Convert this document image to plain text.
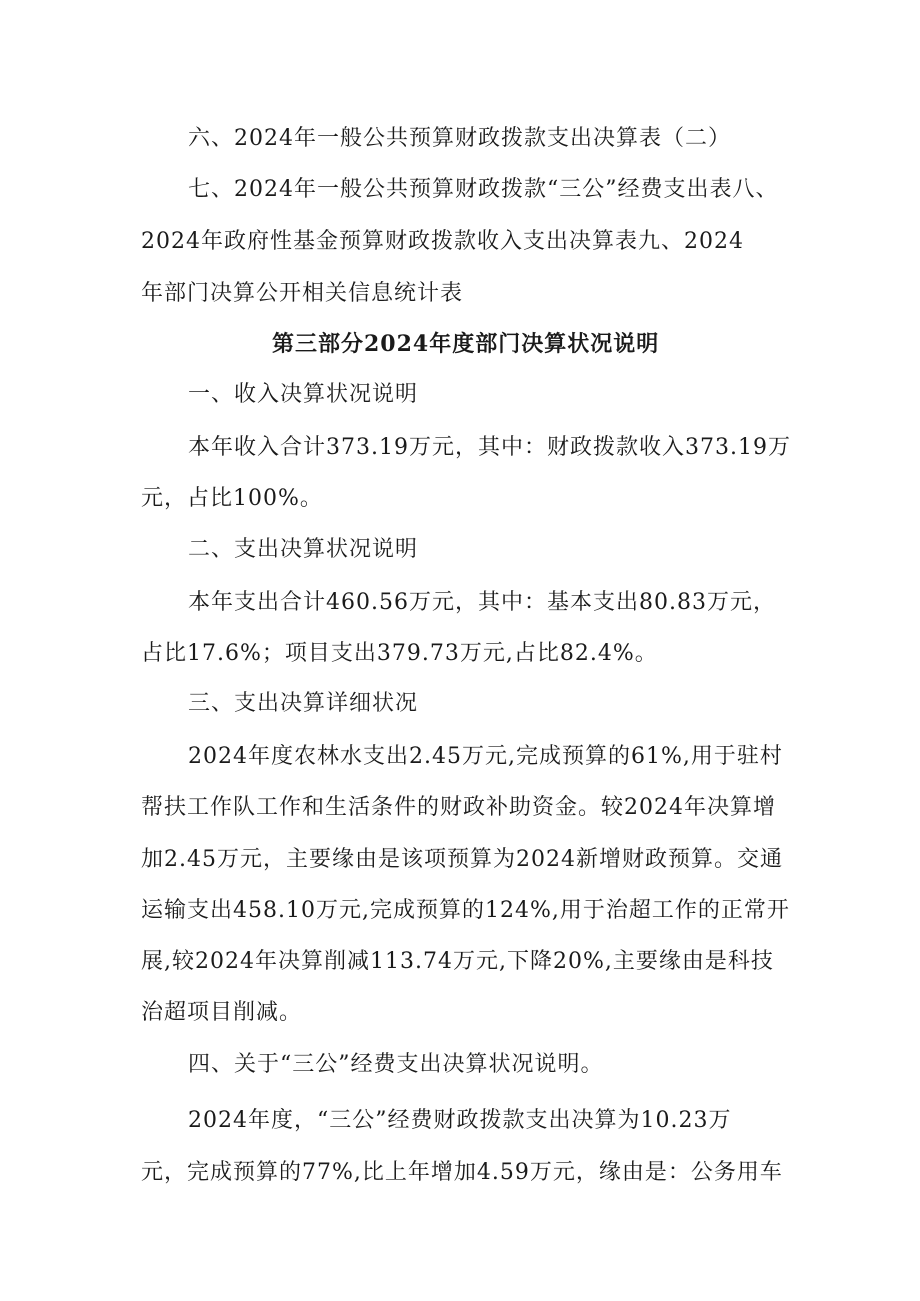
六、2024年一般公共预算财政拨款支出决算表（二）
七、2024年一般公共预算财政拨款“三公”经费支出表八、
2024年政府性基金预算财政拨款收入支出决算表九、2024
年部门决算公开相关信息统计表
第三部分2024年度部门决算状况说明
一、收入决算状况说明
本年收入合计373.19万元，其中：财政拨款收入373.19万
元，占比100%。
二、支出决算状况说明
本年支出合计460.56万元，其中：基本支出80.83万元，
占比17.6%；项目支出379.73万元,占比82.4%。
三、支出决算详细状况
2024年度农林水支出2.45万元,完成预算的61%,用于驻村
帮扶工作队工作和生活条件的财政补助资金。较2024年决算增
加2.45万元，主要缘由是该项预算为2024新增财政预算。交通
运输支出458.10万元,完成预算的124%,用于治超工作的正常开
展,较2024年决算削减113.74万元,下降20%,主要缘由是科技
治超项目削减。
四、关于“三公”经费支出决算状况说明。
2024年度，“三公”经费财政拨款支出决算为10.23万
元，完成预算的77%,比上年增加4.59万元，缘由是：公务用车
